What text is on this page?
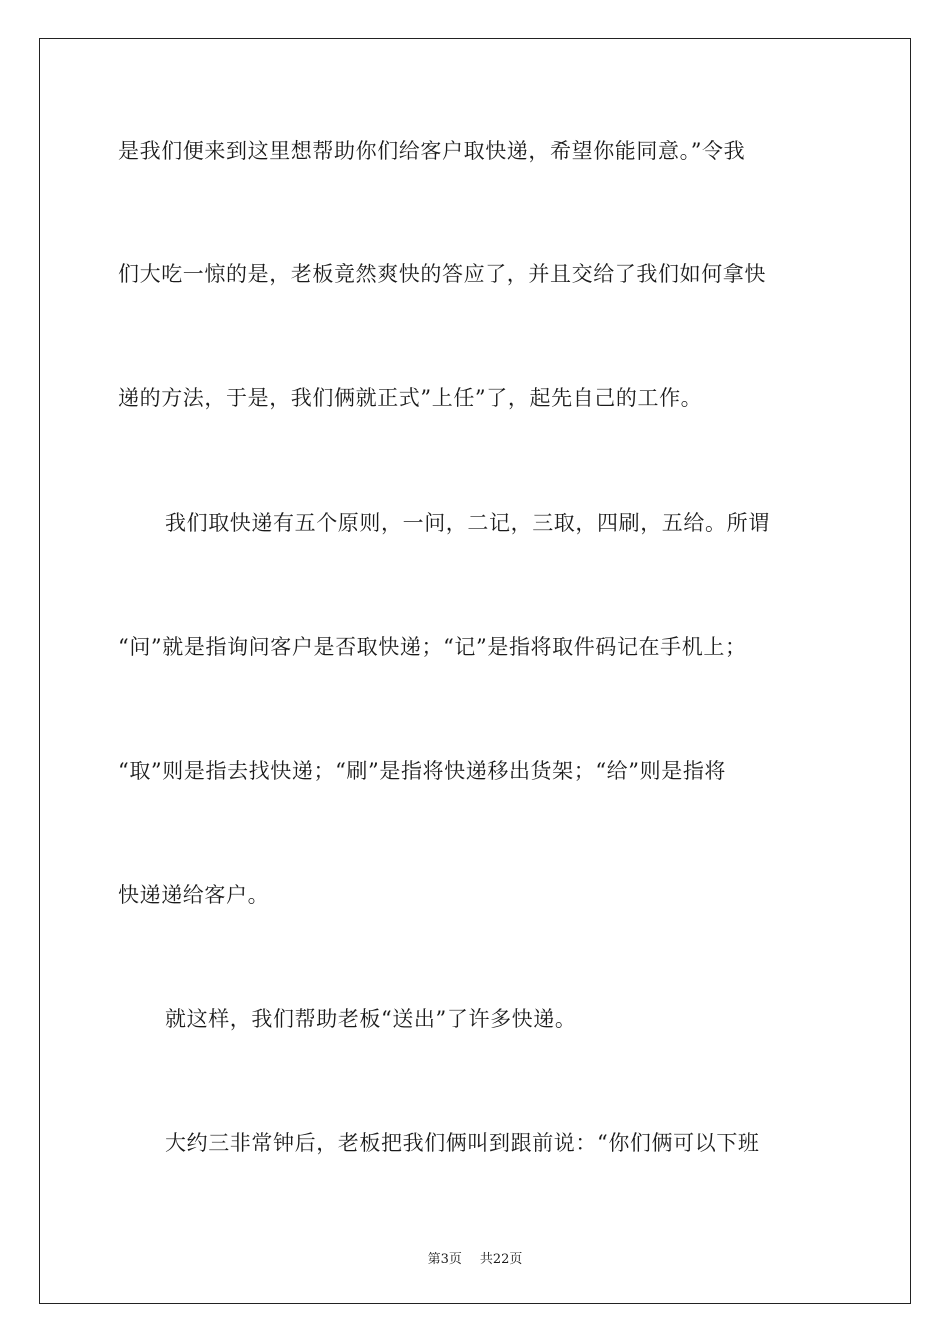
是我们便来到这里想帮助你们给客户取快递，希望你能同意。”令我
们大吃一惊的是，老板竟然爽快的答应了，并且交给了我们如何拿快
递的方法，于是，我们俩就正式”上任”了，起先自己的工作。
我们取快递有五个原则，一问，二记，三取，四刷，五给。所谓
“问”就是指询问客户是否取快递；“记”是指将取件码记在手机上；
“取”则是指去找快递；“刷”是指将快递移出货架；“给”则是指将
快递递给客户。
就这样，我们帮助老板“送出”了许多快递。
大约三非常钟后，老板把我们俩叫到跟前说：“你们俩可以下班
第3页 共22页
